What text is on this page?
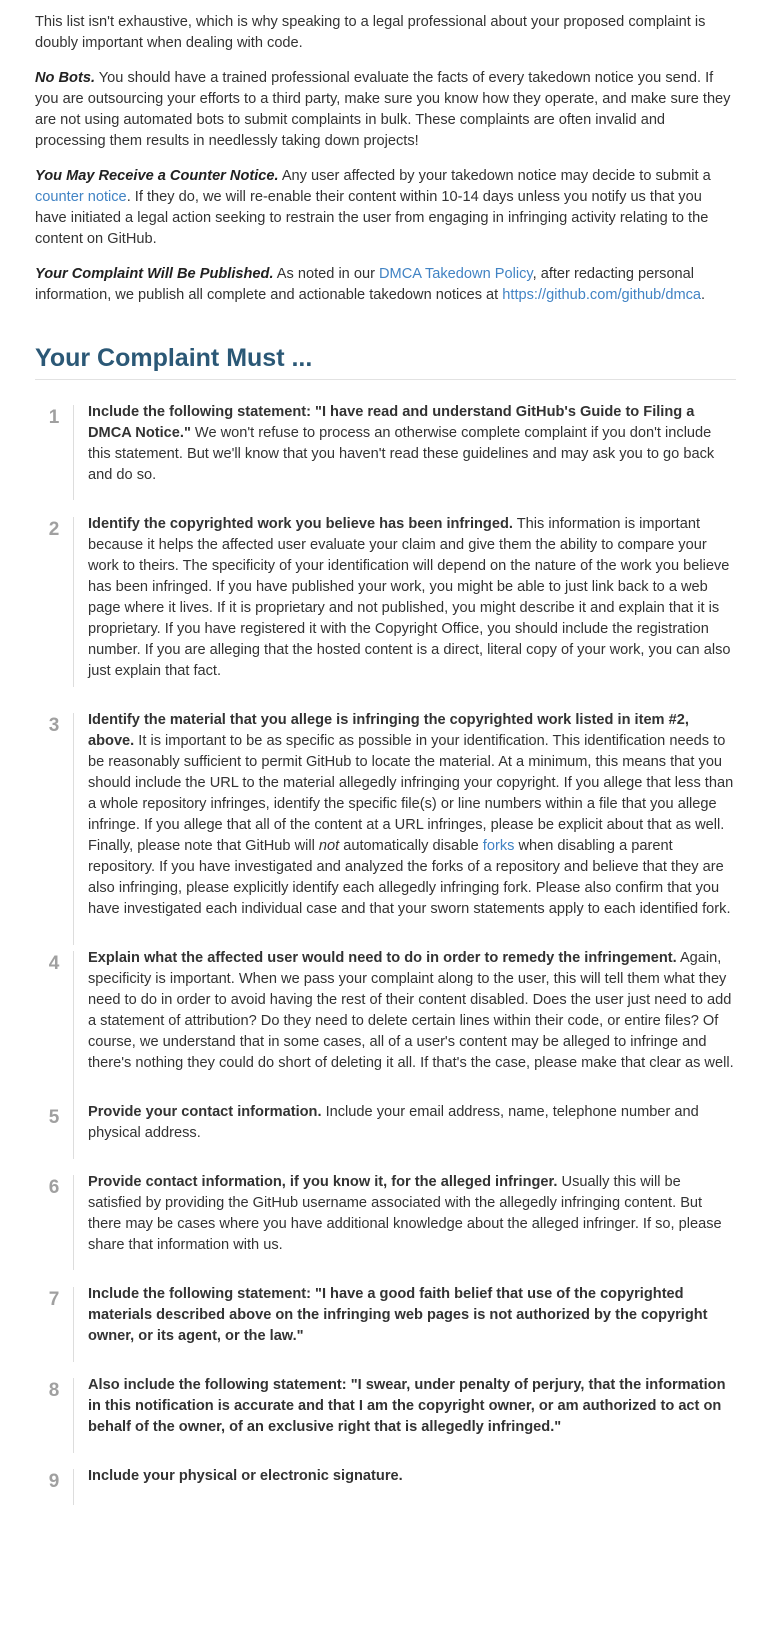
This list isn't exhaustive, which is why speaking to a legal professional about your proposed complaint is doubly important when dealing with code.

No Bots. You should have a trained professional evaluate the facts of every takedown notice you send. If you are outsourcing your efforts to a third party, make sure you know how they operate, and make sure they are not using automated bots to submit complaints in bulk. These complaints are often invalid and processing them results in needlessly taking down projects!

You May Receive a Counter Notice. Any user affected by your takedown notice may decide to submit a counter notice. If they do, we will re-enable their content within 10-14 days unless you notify us that you have initiated a legal action seeking to restrain the user from engaging in infringing activity relating to the content on GitHub.

Your Complaint Will Be Published. As noted in our DMCA Takedown Policy, after redacting personal information, we publish all complete and actionable takedown notices at https://github.com/github/dmca.

Your Complaint Must ...
1	Include the following statement: "I have read and understand GitHub's Guide to Filing a DMCA Notice." We won't refuse to process an otherwise complete complaint if you don't include this statement. But we'll know that you haven't read these guidelines and may ask you to go back and do so.
2	Identify the copyrighted work you believe has been infringed. This information is important because it helps the affected user evaluate your claim and give them the ability to compare your work to theirs. The specificity of your identification will depend on the nature of the work you believe has been infringed. If you have published your work, you might be able to just link back to a web page where it lives. If it is proprietary and not published, you might describe it and explain that it is proprietary. If you have registered it with the Copyright Office, you should include the registration number. If you are alleging that the hosted content is a direct, literal copy of your work, you can also just explain that fact.
3	Identify the material that you allege is infringing the copyrighted work listed in item #2, above. It is important to be as specific as possible in your identification. This identification needs to be reasonably sufficient to permit GitHub to locate the material. At a minimum, this means that you should include the URL to the material allegedly infringing your copyright. If you allege that less than a whole repository infringes, identify the specific file(s) or line numbers within a file that you allege infringe. If you allege that all of the content at a URL infringes, please be explicit about that as well. Finally, please note that GitHub will not automatically disable forks when disabling a parent repository. If you have investigated and analyzed the forks of a repository and believe that they are also infringing, please explicitly identify each allegedly infringing fork. Please also confirm that you have investigated each individual case and that your sworn statements apply to each identified fork.
4	Explain what the affected user would need to do in order to remedy the infringement. Again, specificity is important. When we pass your complaint along to the user, this will tell them what they need to do in order to avoid having the rest of their content disabled. Does the user just need to add a statement of attribution? Do they need to delete certain lines within their code, or entire files? Of course, we understand that in some cases, all of a user's content may be alleged to infringe and there's nothing they could do short of deleting it all. If that's the case, please make that clear as well.
5	Provide your contact information. Include your email address, name, telephone number and physical address.
6	Provide contact information, if you know it, for the alleged infringer. Usually this will be satisfied by providing the GitHub username associated with the allegedly infringing content. But there may be cases where you have additional knowledge about the alleged infringer. If so, please share that information with us.
7	Include the following statement: "I have a good faith belief that use of the copyrighted materials described above on the infringing web pages is not authorized by the copyright owner, or its agent, or the law."
8	Also include the following statement: "I swear, under penalty of perjury, that the information in this notification is accurate and that I am the copyright owner, or am authorized to act on behalf of the owner, of an exclusive right that is allegedly infringed."
9	Include your physical or electronic signature.
